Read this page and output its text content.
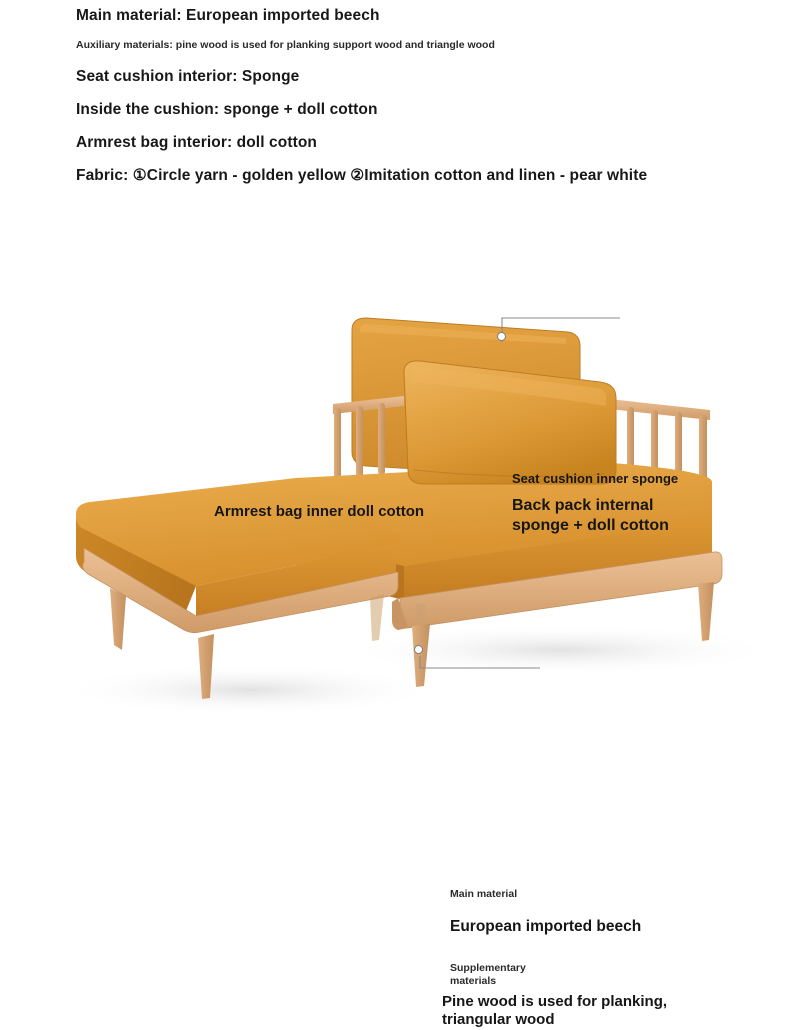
Main material: European imported beech

Auxiliary materials: pine wood is used for planking support wood and triangle wood

Seat cushion interior: Sponge

Inside the cushion: sponge + doll cotton

Armrest bag interior: doll cotton

Fabric: ①Circle yarn - golden yellow ②Imitation cotton and linen - pear white

Armrest bag inner doll cotton
Seat cushion inner sponge
Back pack internal
sponge + doll cotton
Main material
European imported beech
Supplementary
materials
Pine wood is used for planking,
triangular wood
